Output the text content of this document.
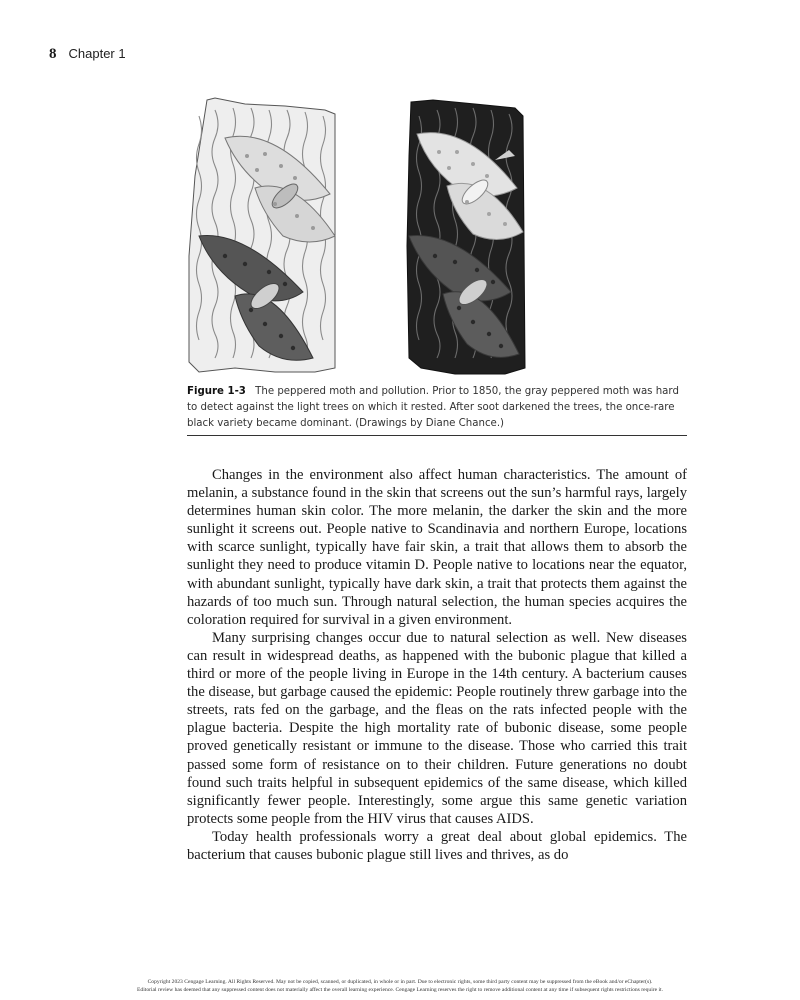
8 Chapter 1
Figure 1-3 The peppered moth and pollution. Prior to 1850, the gray peppered moth was hard to detect against the light trees on which it rested. After soot darkened the trees, the once-rare black variety became dominant. (Drawings by Diane Chance.)

Changes in the environment also affect human characteristics. The amount of melanin, a substance found in the skin that screens out the sun’s harmful rays, largely determines human skin color. The more melanin, the darker the skin and the more sunlight it screens out. People native to Scandinavia and northern Europe, locations with scarce sunlight, typically have fair skin, a trait that allows them to absorb the sunlight they need to produce vitamin D. People native to locations near the equator, with abundant sunlight, typically have dark skin, a trait that protects them against the hazards of too much sun. Through natural selection, the human species acquires the coloration required for survival in a given environment.

Many surprising changes occur due to natural selection as well. New diseases can result in widespread deaths, as happened with the bubonic plague that killed a third or more of the people living in Europe in the 14th century. A bacterium causes the disease, but garbage caused the epidemic: People routinely threw garbage into the streets, rats fed on the garbage, and the fleas on the rats infected people with the plague bacteria. Despite the high mortality rate of bubonic disease, some people proved genetically resistant or immune to the disease. Those who carried this trait passed some form of resistance on to their children. Future generations no doubt found such traits helpful in subsequent epidemics of the same disease, which killed significantly fewer people. Interestingly, some argue this same genetic variation protects some people from the HIV virus that causes AIDS.

Today health professionals worry a great deal about global epidemics. The bacterium that causes bubonic plague still lives and thrives, as do

Copyright 2023 Cengage Learning. All Rights Reserved. May not be copied, scanned, or duplicated, in whole or in part. Due to electronic rights, some third party content may be suppressed from the eBook and/or eChapter(s).
Editorial review has deemed that any suppressed content does not materially affect the overall learning experience. Cengage Learning reserves the right to remove additional content at any time if subsequent rights restrictions require it.
